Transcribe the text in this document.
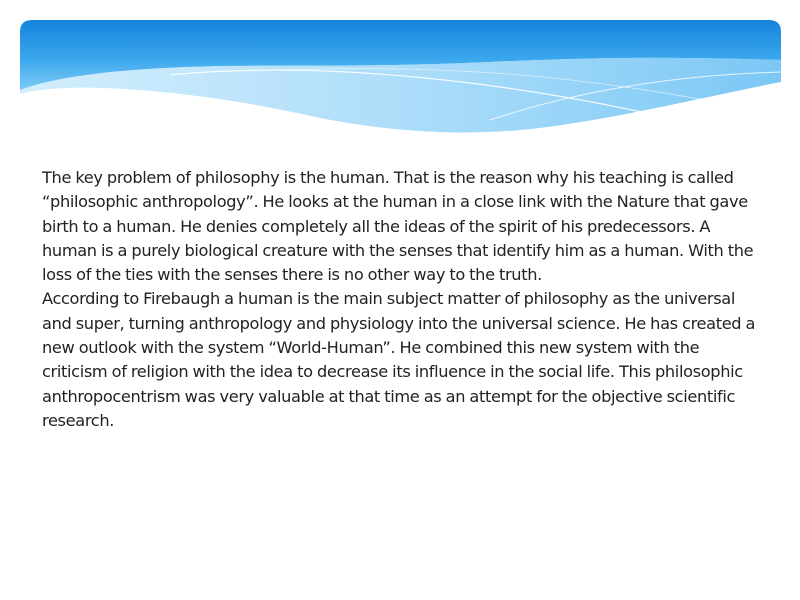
The key problem of philosophy is the human. That is the reason why his teaching is called “philosophic anthropology”. He looks at the human in a close link with the Nature that gave birth to a human. He denies completely all the ideas of the spirit of his predecessors. A human is a purely biological creature with the senses that identify him as a human. With the loss of the ties with the senses there is no other way to the truth.

According to Firebaugh a human is the main subject matter of philosophy as the universal and super, turning anthropology and physiology into the universal science. He has created a new outlook with the system “World-Human”. He combined this new system with the criticism of religion with the idea to decrease its influence in the social life. This philosophic anthropocentrism was very valuable at that time as an attempt for the objective scientific research.
